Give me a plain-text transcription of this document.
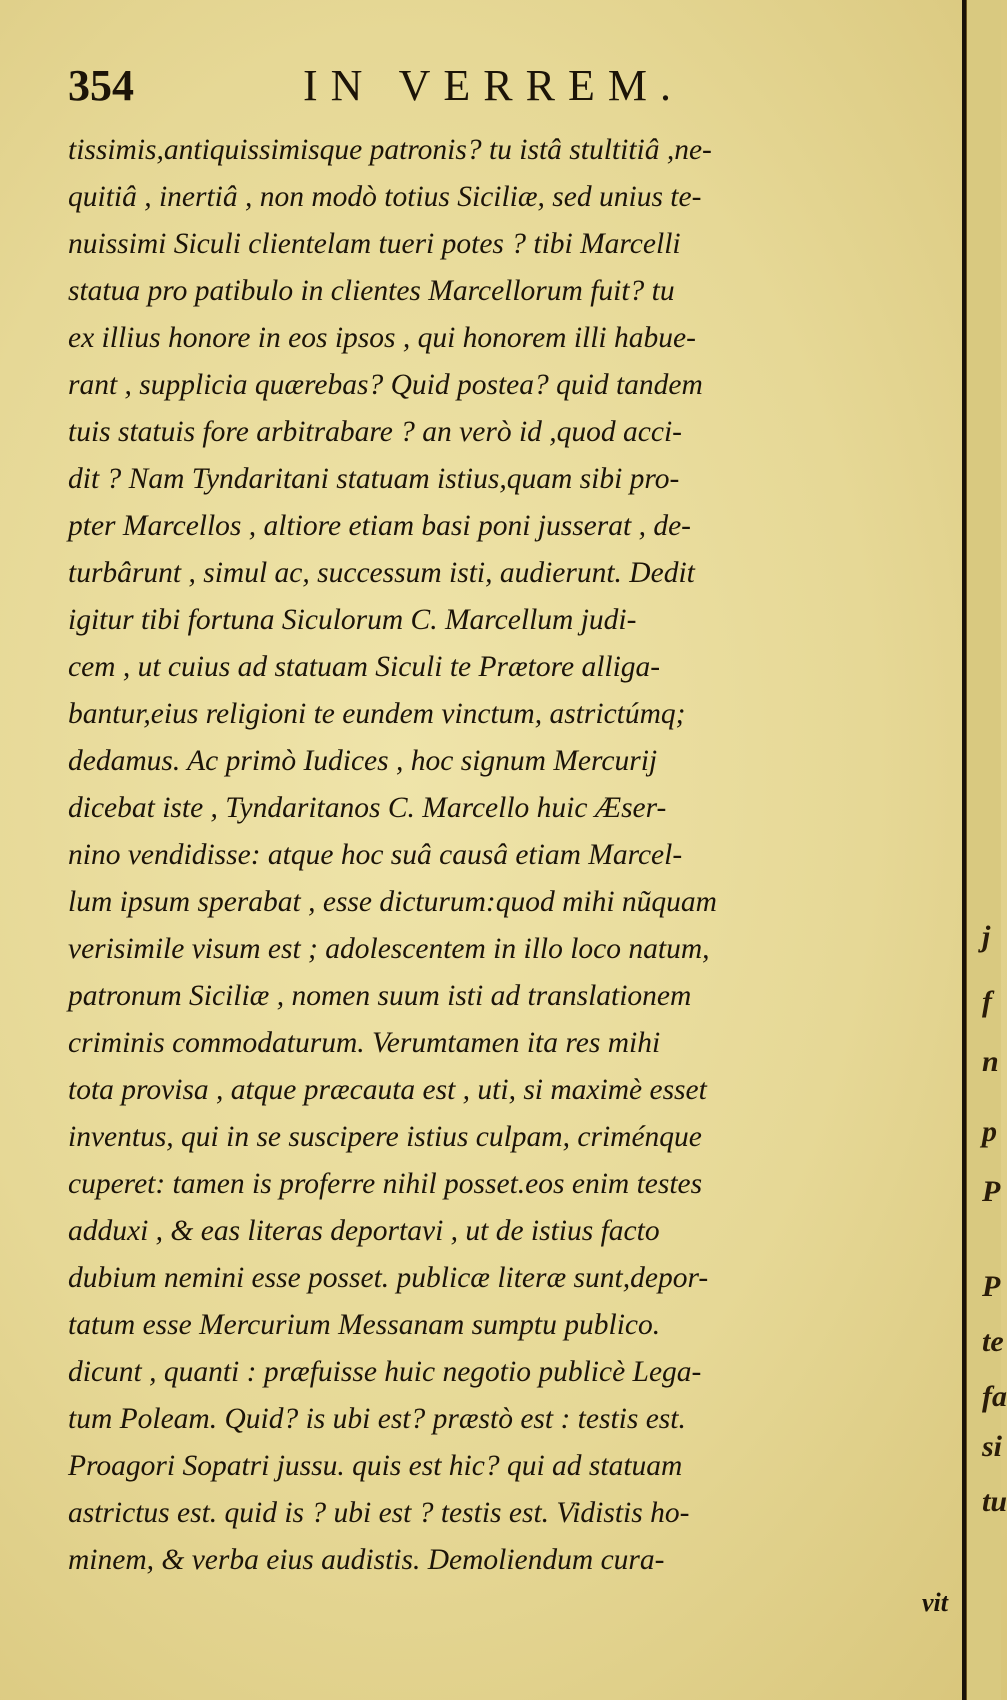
354	IN VERREM.
tissimis,antiquissimisque patronis? tu istâ stultitiâ ,ne-
quitiâ , inertiâ , non modò totius Siciliæ, sed unius te-
nuissimi Siculi clientelam tueri potes ? tibi Marcelli
statua pro patibulo in clientes Marcellorum fuit? tu
ex illius honore in eos ipsos , qui honorem illi habue-
rant , supplicia quærebas? Quid postea? quid tandem
tuis statuis fore arbitrabare ? an verò id ,quod acci-
dit ? Nam Tyndaritani statuam istius,quam sibi pro-
pter Marcellos , altiore etiam basi poni jusserat , de-
turbârunt , simul ac, successum isti, audierunt. Dedit
igitur tibi fortuna Siculorum C. Marcellum judi-
cem , ut cuius ad statuam Siculi te Prætore alliga-
bantur,eius religioni te eundem vinctum, astrictúmq;
dedamus. Ac primò Iudices , hoc signum Mercurij
dicebat iste , Tyndaritanos C. Marcello huic Æser-
nino vendidisse: atque hoc suâ causâ etiam Marcel-
lum ipsum sperabat , esse dicturum:quod mihi nũquam
verisimile visum est ; adolescentem in illo loco natum,
patronum Siciliæ , nomen suum isti ad translationem
criminis commodaturum. Verumtamen ita res mihi
tota provisa , atque præcauta est , uti, si maximè esset
inventus, qui in se suscipere istius culpam, criménque
cuperet: tamen is proferre nihil posset.eos enim testes
adduxi , & eas literas deportavi , ut de istius facto
dubium nemini esse posset. publicæ literæ sunt,depor-
tatum esse Mercurium Messanam sumptu publico.
dicunt , quanti : præfuisse huic negotio publicè Lega-
tum Poleam. Quid? is ubi est? præstò est : testis est.
Proagori Sopatri jussu. quis est hic? qui ad statuam
astrictus est. quid is ? ubi est ? testis est. Vidistis ho-
minem, & verba eius audistis. Demoliendum cura-
vit
j
f
n
p
P
P
te
fa
si
tu
